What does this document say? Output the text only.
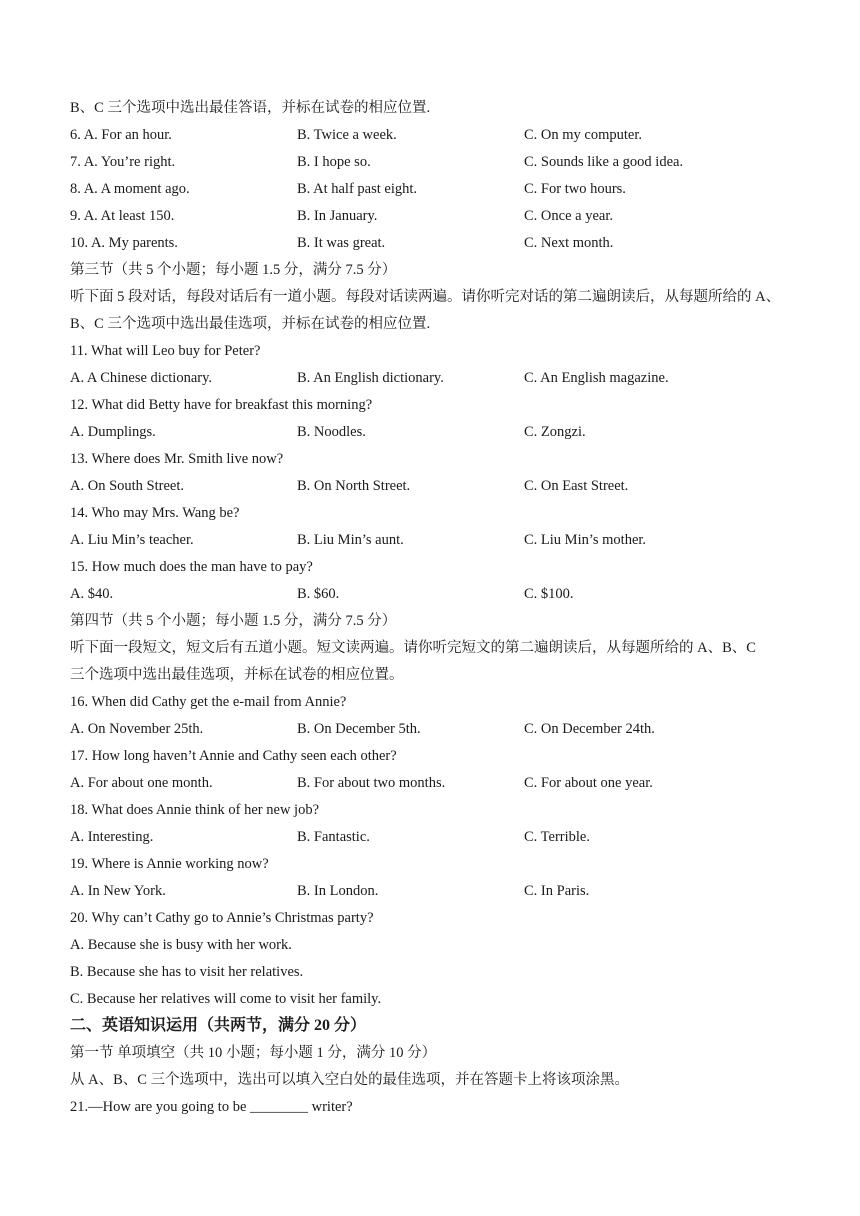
B、C 三个选项中选出最佳答语，并标在试卷的相应位置.
6. A. For an hour.	B. Twice a week.	C. On my computer.
7. A. You’re right.	B. I hope so.	C. Sounds like a good idea.
8. A. A moment ago.	B. At half past eight.	C. For two hours.
9. A. At least 150.	B. In January.	C. Once a year.
10. A. My parents.	B. It was great.	C. Next month.
第三节（共 5 个小题；每小题 1.5 分，满分 7.5 分）
听下面 5 段对话，每段对话后有一道小题。每段对话读两遍。请你听完对话的第二遍朗读后，从每题所给的 A、
B、C 三个选项中选出最佳选项，并标在试卷的相应位置.
11. What will Leo buy for Peter?
A. A Chinese dictionary.	B. An English dictionary.	C. An English magazine.
12. What did Betty have for breakfast this morning?
A. Dumplings.	B. Noodles.	C. Zongzi.
13. Where does Mr. Smith live now?
A. On South Street.	B. On North Street.	C. On East Street.
14. Who may Mrs. Wang be?
A. Liu Min’s teacher.	B. Liu Min’s aunt.	C. Liu Min’s mother.
15. How much does the man have to pay?
A. $40.	B. $60.	C. $100.
第四节（共 5 个小题；每小题 1.5 分，满分 7.5 分）
听下面一段短文，短文后有五道小题。短文读两遍。请你听完短文的第二遍朗读后，从每题所给的 A、B、C
三个选项中选出最佳选项，并标在试卷的相应位置。
16. When did Cathy get the e-mail from Annie?
A. On November 25th.	B. On December 5th.	C. On December 24th.
17. How long haven’t Annie and Cathy seen each other?
A. For about one month.	B. For about two months.	C. For about one year.
18. What does Annie think of her new job?
A. Interesting.	B. Fantastic.	C. Terrible.
19. Where is Annie working now?
A. In New York.	B. In London.	C. In Paris.
20. Why can’t Cathy go to Annie’s Christmas party?
A. Because she is busy with her work.
B. Because she has to visit her relatives.
C. Because her relatives will come to visit her family.
二、英语知识运用（共两节，满分 20 分）
第一节 单项填空（共 10 小题；每小题 1 分，满分 10 分）
从 A、B、C 三个选项中，选出可以填入空白处的最佳选项，并在答题卡上将该项涂黑。
21.—How are you going to be ________ writer?
